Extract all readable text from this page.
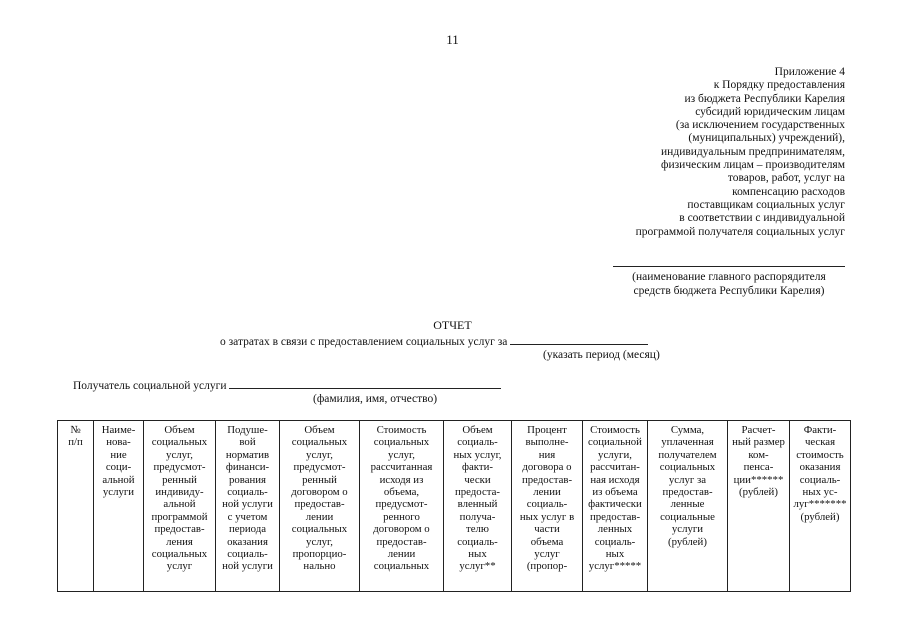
11
Приложение 4
к Порядку предоставления
из бюджета Республики Карелия
субсидий юридическим лицам
(за исключением государственных
(муниципальных) учреждений),
индивидуальным предпринимателям,
физическим лицам – производителям
товаров, работ, услуг на
компенсацию расходов
поставщикам социальных услуг
в соответствии с индивидуальной
программой получателя социальных услуг
(наименование главного распорядителя
средств бюджета Республики Карелия)
ОТЧЕТ
о затратах в связи с предоставлением социальных услуг за
(указать период (месяц)
Получатель социальной услуги
(фамилия, имя, отчество)
№
п/п	Наиме-
нова-
ние
соци-
альной
услуги	Объем
социальных
услуг,
предусмот-
ренный
индивиду-
альной
программой
предостав-
ления
социальных
услуг	Подуше-
вой
норматив
финанси-
рования
социаль-
ной услуги
с учетом
периода
оказания
социаль-
ной услуги	Объем
социальных
услуг,
предусмот-
ренный
договором о
предостав-
лении
социальных
услуг,
пропорцио-
нально	Стоимость
социальных
услуг,
рассчитанная
исходя из
объема,
предусмот-
ренного
договором о
предостав-
лении
социальных	Объем
социаль-
ных услуг,
факти-
чески
предоста-
вленный
получа-
телю
социаль-
ных
услуг**	Процент
выполне-
ния
договора о
предостав-
лении
социаль-
ных услуг в
части
объема
услуг
(пропор-	Стоимость
социальной
услуги,
рассчитан-
ная исходя
из объема
фактически
предостав-
ленных
социаль-
ных
услуг*****	Сумма,
уплаченная
получателем
социальных
услуг за
предостав-
ленные
социальные
услуги
(рублей)	Расчет-
ный размер
ком-
пенса-
ции******
(рублей)	Факти-
ческая
стоимость
оказания
социаль-
ных ус-
луг*******
(рублей)
